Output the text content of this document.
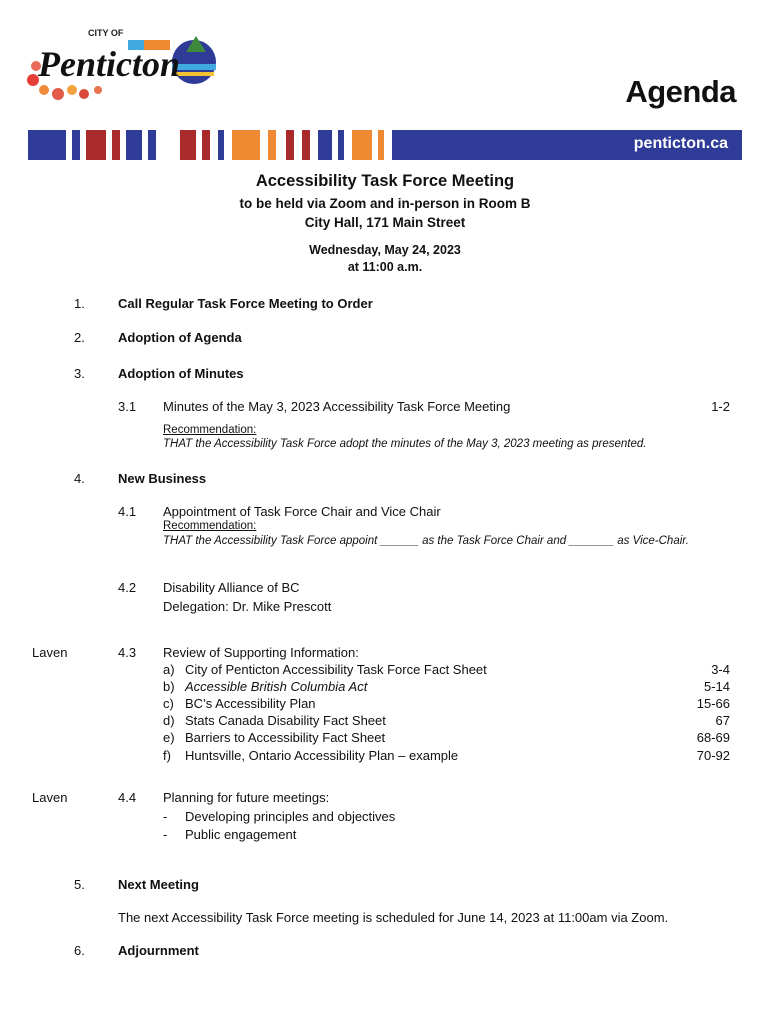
CITY OF
Penticton
Agenda
penticton.ca
Accessibility Task Force Meeting
to be held via Zoom and in-person in Room B
City Hall, 171 Main Street
Wednesday, May 24, 2023
at 11:00 a.m.
1.	Call Regular Task Force Meeting to Order
2.	Adoption of Agenda
3.	Adoption of Minutes
3.1 Minutes of the May 3, 2023 Accessibility Task Force Meeting	1-2
Recommendation:
THAT the Accessibility Task Force adopt the minutes of the May 3, 2023 meeting as presented.
4.	New Business
4.1 Appointment of Task Force Chair and Vice Chair
Recommendation:
THAT the Accessibility Task Force appoint ______ as the Task Force Chair and _______ as Vice-Chair.
4.2 Disability Alliance of BC
Delegation: Dr. Mike Prescott
Laven	4.3 Review of Supporting Information:
a) City of Penticton Accessibility Task Force Fact Sheet	3-4
b) Accessible British Columbia Act	5-14
c) BC’s Accessibility Plan	15-66
d) Stats Canada Disability Fact Sheet	67
e) Barriers to Accessibility Fact Sheet	68-69
f) Huntsville, Ontario Accessibility Plan – example	70-92
Laven	4.4 Planning for future meetings:
- Developing principles and objectives
- Public engagement
5.	Next Meeting
The next Accessibility Task Force meeting is scheduled for June 14, 2023 at 11:00am via Zoom.
6.	Adjournment
